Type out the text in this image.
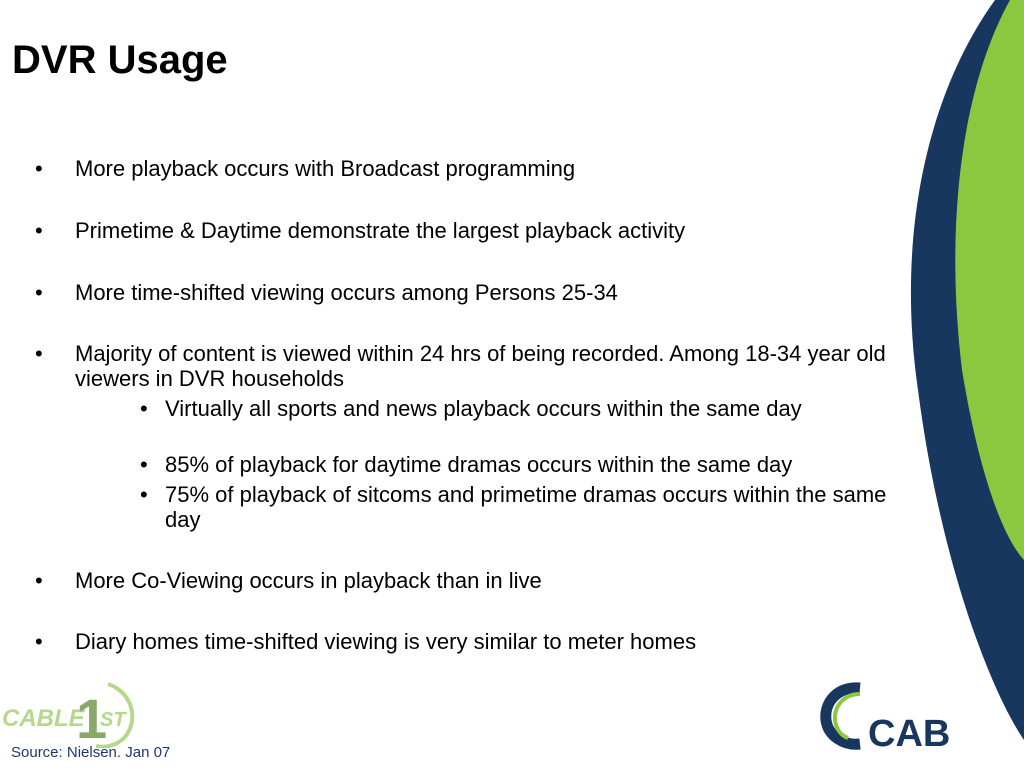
DVR Usage
•	More playback occurs with Broadcast programming
•	Primetime & Daytime demonstrate the largest playback activity
•	More time-shifted viewing occurs among Persons 25-34
•	Majority of content is viewed within 24 hrs of being recorded. Among 18-34 year old viewers in DVR households
• Virtually all sports and news playback occurs within the same day
• 85% of playback for daytime dramas occurs within the same day
• 75% of playback of sitcoms and primetime dramas occurs within the same day
•	More Co-Viewing occurs in playback than in live
•	Diary homes time-shifted viewing is very similar to meter homes
CABLE
1
ST	CAB
Source: Nielsen. Jan 07
